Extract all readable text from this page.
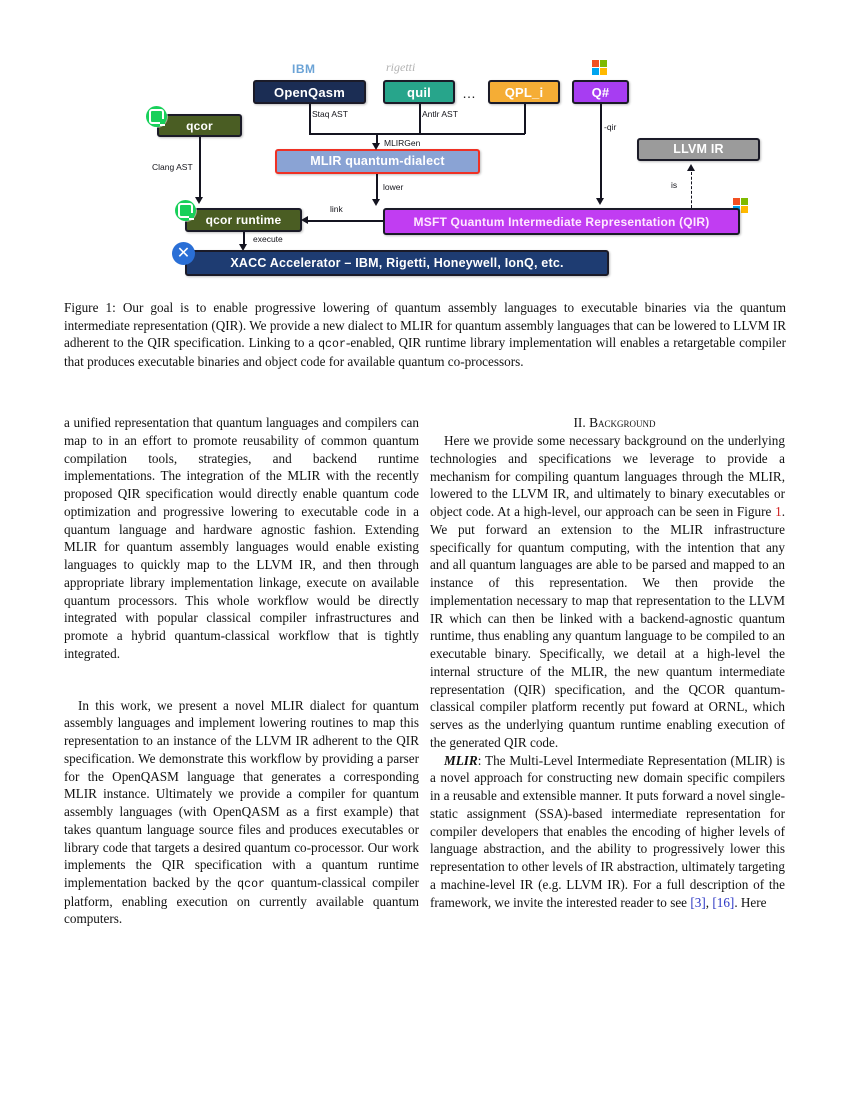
IBM	rigetti
…
OpenQasm	quil	QPL_i	Q#
qcor
MLIR quantum-dialect
LLVM IR
MSFT Quantum Intermediate Representation (QIR)
qcor runtime
XACC Accelerator – IBM, Rigetti, Honeywell, IonQ, etc.
✕
Staq AST	Antlr AST
MLIRGen
-qir
Clang AST
lower	is
link
execute
Figure 1: Our goal is to enable progressive lowering of quantum assembly languages to executable binaries via the quantum intermediate representation (QIR). We provide a new dialect to MLIR for quantum assembly languages that can be lowered to LLVM IR adherent to the QIR specification. Linking to a qcor-enabled, QIR runtime library implementation will enables a retargetable compiler that produces executable binaries and object code for available quantum co-processors.

a unified representation that quantum languages and compilers can map to in an effort to promote reusability of common quantum compilation tools, strategies, and backend runtime implementations. The integration of the MLIR with the recently proposed QIR specification would directly enable quantum code optimization and progressive lowering to executable code in a quantum language and hardware agnostic fashion. Extending MLIR for quantum assembly languages would enable existing languages to quickly map to the LLVM IR, and then through appropriate library implementation linkage, execute on available quantum processors. This whole workflow would be directly integrated with popular classical compiler infrastructures and promote a hybrid quantum-classical workflow that is tightly integrated.

In this work, we present a novel MLIR dialect for quantum assembly languages and implement lowering routines to map this representation to an instance of the LLVM IR adherent to the QIR specification. We demonstrate this workflow by providing a parser for the OpenQASM language that generates a corresponding MLIR instance. Ultimately we provide a compiler for quantum assembly languages (with OpenQASM as a first example) that takes quantum language source files and produces executables or library code that targets a desired quantum co-processor. Our work implements the QIR specification with a quantum runtime implementation backed by the qcor quantum-classical compiler platform, enabling execution on currently available quantum computers.

II. Background

Here we provide some necessary background on the underlying technologies and specifications we leverage to provide a mechanism for compiling quantum languages through the MLIR, lowered to the LLVM IR, and ultimately to binary executables or object code. At a high-level, our approach can be seen in Figure 1. We put forward an extension to the MLIR infrastructure specifically for quantum computing, with the intention that any and all quantum languages are able to be parsed and mapped to an instance of this representation. We then provide the implementation necessary to map that representation to the LLVM IR which can then be linked with a backend-agnostic quantum runtime, thus enabling any quantum language to be compiled to an executable binary. Specifically, we detail at a high-level the internal structure of the MLIR, the new quantum intermediate representation (QIR) specification, and the QCOR quantum-classical compiler platform recently put foward at ORNL, which serves as the underlying quantum runtime enabling execution of the generated QIR code.

MLIR: The Multi-Level Intermediate Representation (MLIR) is a novel approach for constructing new domain specific compilers in a reusable and extensible manner. It puts forward a novel single-static assignment (SSA)-based intermediate representation for compiler developers that enables the encoding of higher levels of language abstraction, and the ability to progressively lower this representation to other levels of IR abstraction, ultimately targeting a machine-level IR (e.g. LLVM IR). For a full description of the framework, we invite the interested reader to see [3], [16]. Here
